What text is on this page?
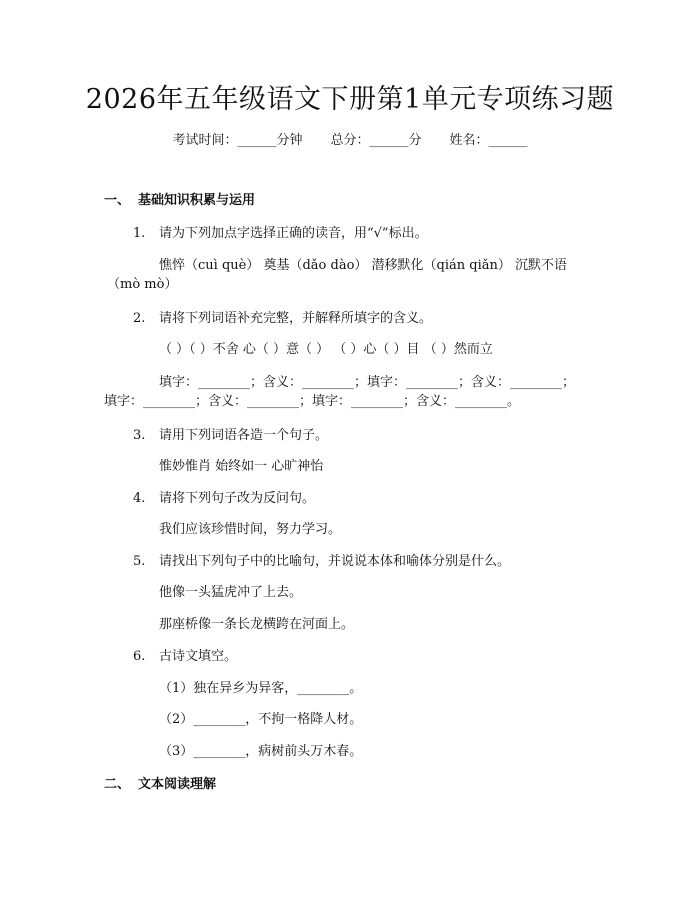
2026年五年级语文下册第1单元专项练习题
考试时间：______分钟 总分：______分 姓名：______
一、 基础知识积累与运用
1. 请为下列加点字选择正确的读音，用“√”标出。
憔悴（cuì què） 奠基（dǎo dào） 潜移默化（qián qiǎn） 沉默不语
（mò mò）
2. 请将下列词语补充完整，并解释所填字的含义。
（ ）（ ）不舍 心（ ）意（ ） （ ）心（ ）目 （ ）然而立
填字：________；含义：________；填字：________；含义：________；
填字：________；含义：________；填字：________；含义：________。
3. 请用下列词语各造一个句子。
惟妙惟肖 始终如一 心旷神怡
4. 请将下列句子改为反问句。
我们应该珍惜时间，努力学习。
5. 请找出下列句子中的比喻句，并说说本体和喻体分别是什么。
他像一头猛虎冲了上去。
那座桥像一条长龙横跨在河面上。
6. 古诗文填空。
（1）独在异乡为异客，________。
（2）________，不拘一格降人材。
（3）________，病树前头万木春。
二、 文本阅读理解
